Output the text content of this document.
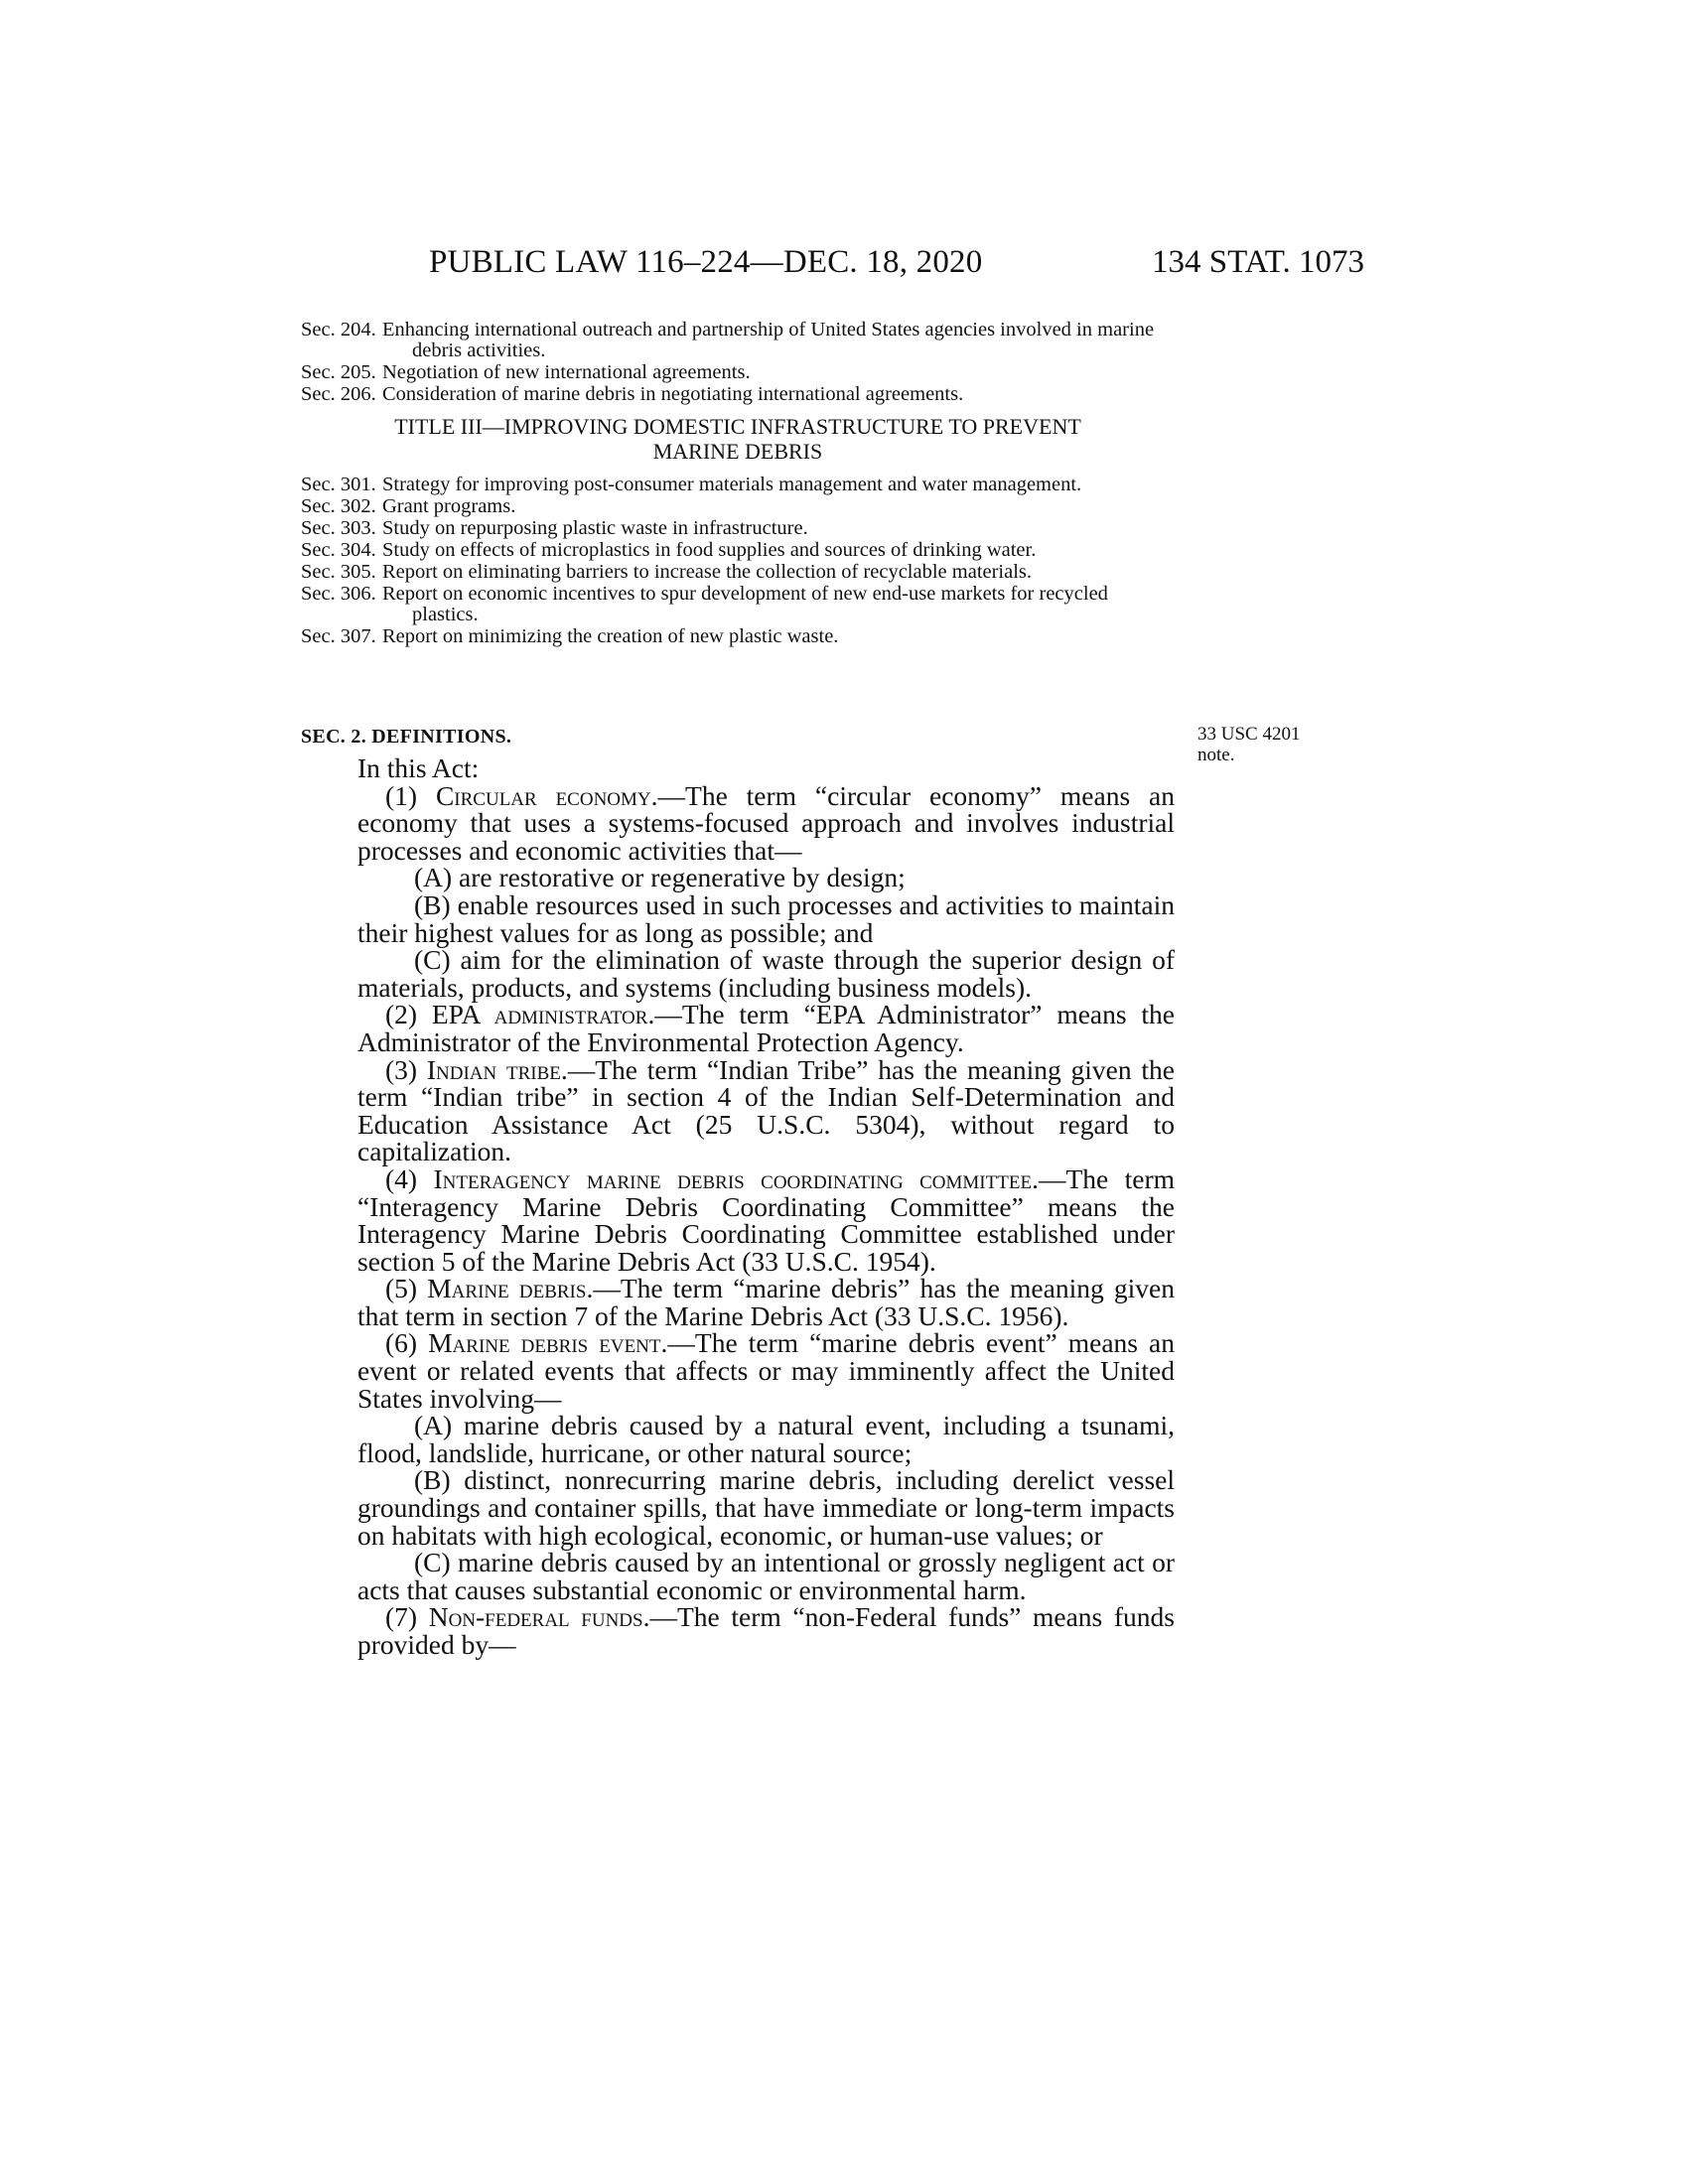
PUBLIC LAW 116–224—DEC. 18, 2020	134 STAT. 1073
Sec. 204. Enhancing international outreach and partnership of United States agencies involved in marine debris activities.
Sec. 205. Negotiation of new international agreements.
Sec. 206. Consideration of marine debris in negotiating international agreements.
TITLE III—IMPROVING DOMESTIC INFRASTRUCTURE TO PREVENT
MARINE DEBRIS
Sec. 301. Strategy for improving post-consumer materials management and water management.
Sec. 302. Grant programs.
Sec. 303. Study on repurposing plastic waste in infrastructure.
Sec. 304. Study on effects of microplastics in food supplies and sources of drinking water.
Sec. 305. Report on eliminating barriers to increase the collection of recyclable materials.
Sec. 306. Report on economic incentives to spur development of new end-use markets for recycled plastics.
Sec. 307. Report on minimizing the creation of new plastic waste.
SEC. 2. DEFINITIONS.	33 USC 4201
note.

In this Act:

(1) Circular economy.—The term “circular economy” means an economy that uses a systems-focused approach and involves industrial processes and economic activities that—

(A) are restorative or regenerative by design;

(B) enable resources used in such processes and activities to maintain their highest values for as long as possible; and

(C) aim for the elimination of waste through the superior design of materials, products, and systems (including business models).

(2) EPA administrator.—The term “EPA Administrator” means the Administrator of the Environmental Protection Agency.

(3) Indian tribe.—The term “Indian Tribe” has the meaning given the term “Indian tribe” in section 4 of the Indian Self-Determination and Education Assistance Act (25 U.S.C. 5304), without regard to capitalization.

(4) Interagency marine debris coordinating committee.—The term “Interagency Marine Debris Coordinating Committee” means the Interagency Marine Debris Coordinating Committee established under section 5 of the Marine Debris Act (33 U.S.C. 1954).

(5) Marine debris.—The term “marine debris” has the meaning given that term in section 7 of the Marine Debris Act (33 U.S.C. 1956).

(6) Marine debris event.—The term “marine debris event” means an event or related events that affects or may imminently affect the United States involving—

(A) marine debris caused by a natural event, including a tsunami, flood, landslide, hurricane, or other natural source;

(B) distinct, nonrecurring marine debris, including derelict vessel groundings and container spills, that have immediate or long-term impacts on habitats with high ecological, economic, or human-use values; or

(C) marine debris caused by an intentional or grossly negligent act or acts that causes substantial economic or environmental harm.

(7) Non-federal funds.—The term “non-Federal funds” means funds provided by—
